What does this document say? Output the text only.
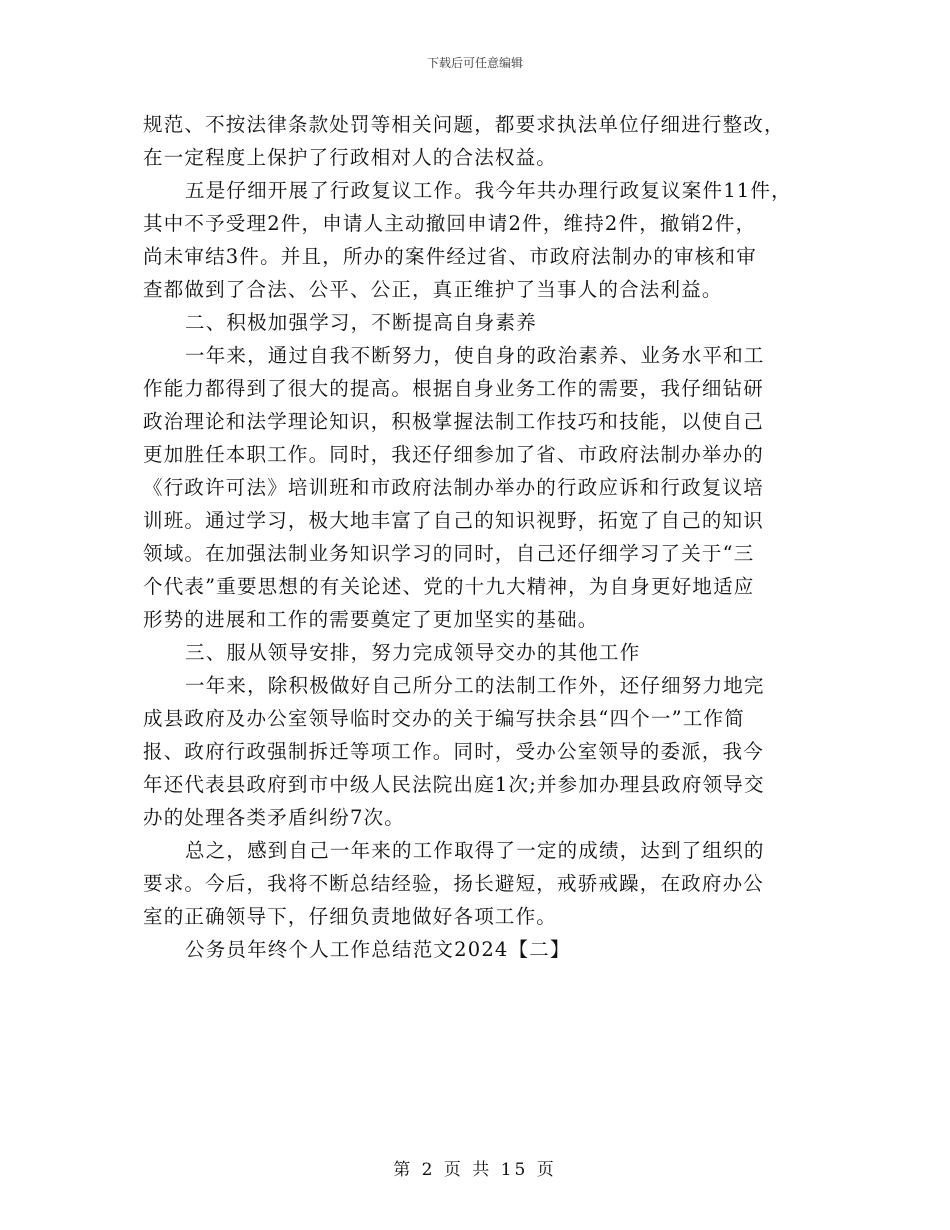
下载后可任意编辑
规范、不按法律条款处罚等相关问题，都要求执法单位仔细进行整改，
在一定程度上保护了行政相对人的合法权益。
五是仔细开展了行政复议工作。我今年共办理行政复议案件11件，
其中不予受理2件，申请人主动撤回申请2件，维持2件，撤销2件，
尚未审结3件。并且，所办的案件经过省、市政府法制办的审核和审
查都做到了合法、公平、公正，真正维护了当事人的合法利益。
二、积极加强学习，不断提高自身素养
一年来，通过自我不断努力，使自身的政治素养、业务水平和工
作能力都得到了很大的提高。根据自身业务工作的需要，我仔细钻研
政治理论和法学理论知识，积极掌握法制工作技巧和技能，以使自己
更加胜任本职工作。同时，我还仔细参加了省、市政府法制办举办的
《行政许可法》培训班和市政府法制办举办的行政应诉和行政复议培
训班。通过学习，极大地丰富了自己的知识视野，拓宽了自己的知识
领域。在加强法制业务知识学习的同时，自己还仔细学习了关于“三
个代表”重要思想的有关论述、党的十九大精神，为自身更好地适应
形势的进展和工作的需要奠定了更加坚实的基础。
三、服从领导安排，努力完成领导交办的其他工作
一年来，除积极做好自己所分工的法制工作外，还仔细努力地完
成县政府及办公室领导临时交办的关于编写扶余县“四个一”工作简
报、政府行政强制拆迁等项工作。同时，受办公室领导的委派，我今
年还代表县政府到市中级人民法院出庭1次;并参加办理县政府领导交
办的处理各类矛盾纠纷7次。
总之，感到自己一年来的工作取得了一定的成绩，达到了组织的
要求。今后，我将不断总结经验，扬长避短，戒骄戒躁，在政府办公
室的正确领导下，仔细负责地做好各项工作。
公务员年终个人工作总结范文2024【二】
第 2 页 共 15 页
